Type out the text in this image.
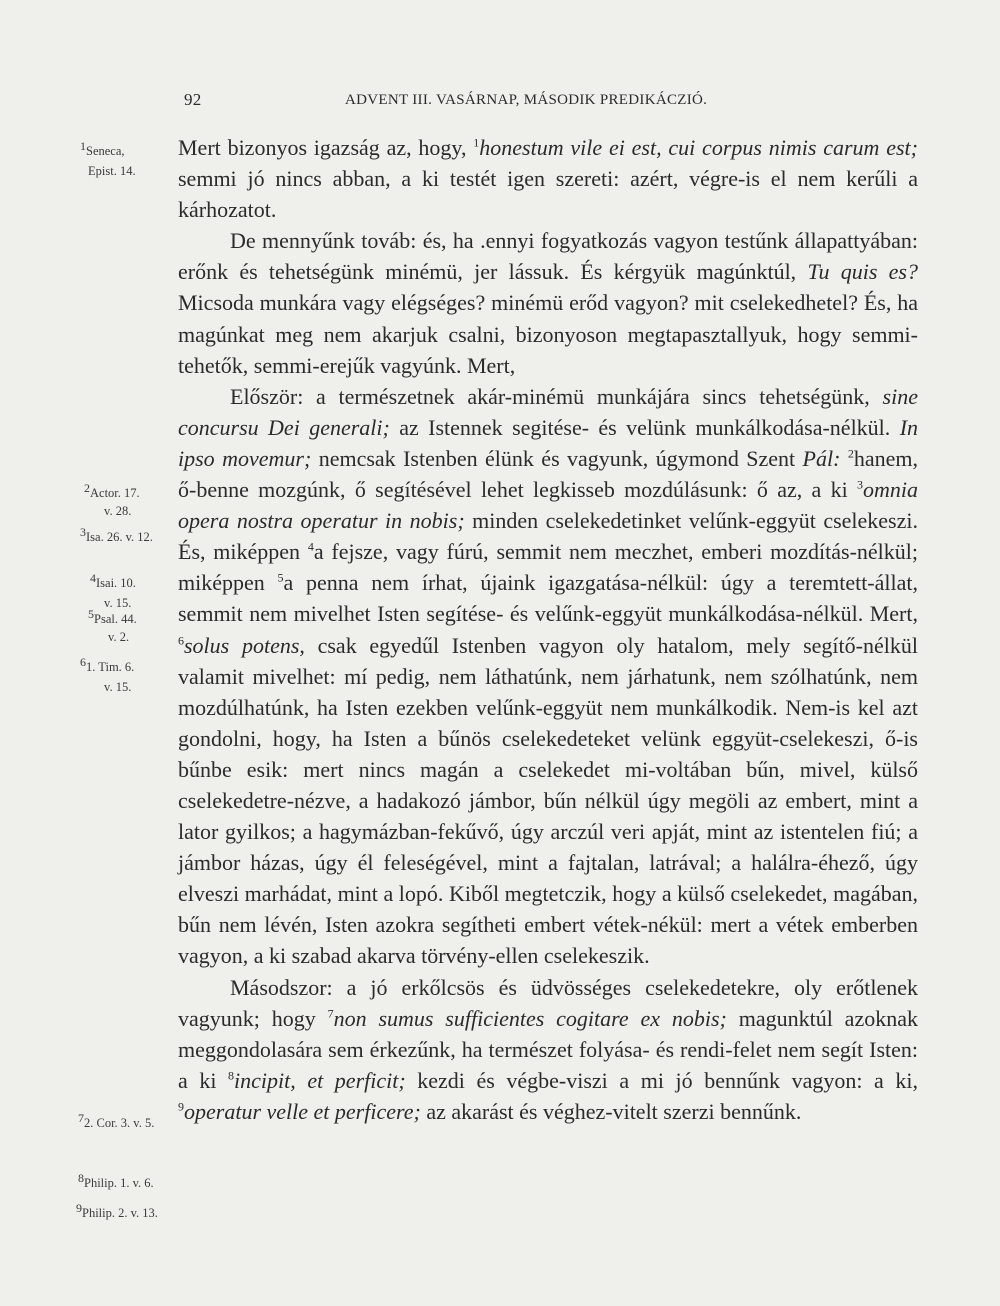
92	ADVENT III. VASÁRNAP, MÁSODIK PREDIKÁCZIÓ.
1Seneca,
Epist. 14.
2Actor. 17.
v. 28.
3Isa. 26. v. 12.
4Isai. 10.
v. 15.
5Psal. 44.
v. 2.
61. Tim. 6.
v. 15.
72. Cor. 3. v. 5.
8Philip. 1. v. 6.
9Philip. 2. v. 13.

Mert bizonyos igazság az, hogy, $^1$honestum vile ei est, cui corpus nimis carum est; semmi jó nincs abban, a ki testét igen szereti: azért, végre-is el nem kerűli a kárhozatot.

De mennyűnk továb: és, ha .ennyi fogyatkozás vagyon testűnk állapattyában: erőnk és tehetségünk minémü, jer lássuk. És kérgyük magúnktúl, Tu quis es? Micsoda munkára vagy elégséges? minémü erőd vagyon? mit cselekedhetel? És, ha magúnkat meg nem akarjuk csalni, bizonyoson megtapasztallyuk, hogy semmi-tehetők, semmi-erejűk vagyúnk. Mert,

Először: a természetnek akár-minémü munkájára sincs tehetségünk, sine concursu Dei generali; az Istennek segitése- és velünk munkálkodása-nélkül. In ipso movemur; nemcsak Istenben élünk és vagyunk, úgymond Szent Pál: $^2$hanem, ő-benne mozgúnk, ő segítésével lehet legkisseb mozdúlásunk: ő az, a ki $^3$omnia opera nostra operatur in nobis; minden cselekedetinket velűnk-eggyüt cselekeszi. És, miképpen $^4$a fejsze, vagy fúrú, semmit nem meczhet, emberi mozdítás-nélkül; miképpen $^5$a penna nem írhat, újaink igazgatása-nélkül: úgy a teremtett-állat, semmit nem mivelhet Isten segítése- és velűnk-eggyüt munkálkodása-nélkül. Mert, $^6$solus potens, csak egyedűl Istenben vagyon oly hatalom, mely segítő-nélkül valamit mivelhet: mí pedig, nem láthatúnk, nem járhatunk, nem szólhatúnk, nem mozdúlhatúnk, ha Isten ezekben velűnk-eggyüt nem munkálkodik. Nem-is kel azt gondolni, hogy, ha Isten a bűnös cselekedeteket velünk eggyüt-cselekeszi, ő-is bűnbe esik: mert nincs magán a cselekedet mi-voltában bűn, mivel, külső cselekedetre-nézve, a hadakozó jámbor, bűn nélkül úgy megöli az embert, mint a lator gyilkos; a hagymázban-fekűvő, úgy arczúl veri apját, mint az istentelen fiú; a jámbor házas, úgy él feleségével, mint a fajtalan, latrával; a halálra-éhező, úgy elveszi marhádat, mint a lopó. Kiből megtetczik, hogy a külső cselekedet, magában, bűn nem lévén, Isten azokra segítheti embert vétek-nékül: mert a vétek emberben vagyon, a ki szabad akarva törvény-ellen cselekeszik.

Másodszor: a jó erkőlcsös és üdvösséges cselekedetekre, oly erőtlenek vagyunk; hogy $^7$non sumus sufficientes cogitare ex nobis; magunktúl azoknak meggondolasára sem érkezűnk, ha természet folyása- és rendi-felet nem segít Isten: a ki $^8$incipit, et perficit; kezdi és végbe-viszi a mi jó bennűnk vagyon: a ki, $^9$operatur velle et perficere; az akarást és véghez-vitelt szerzi bennűnk.
